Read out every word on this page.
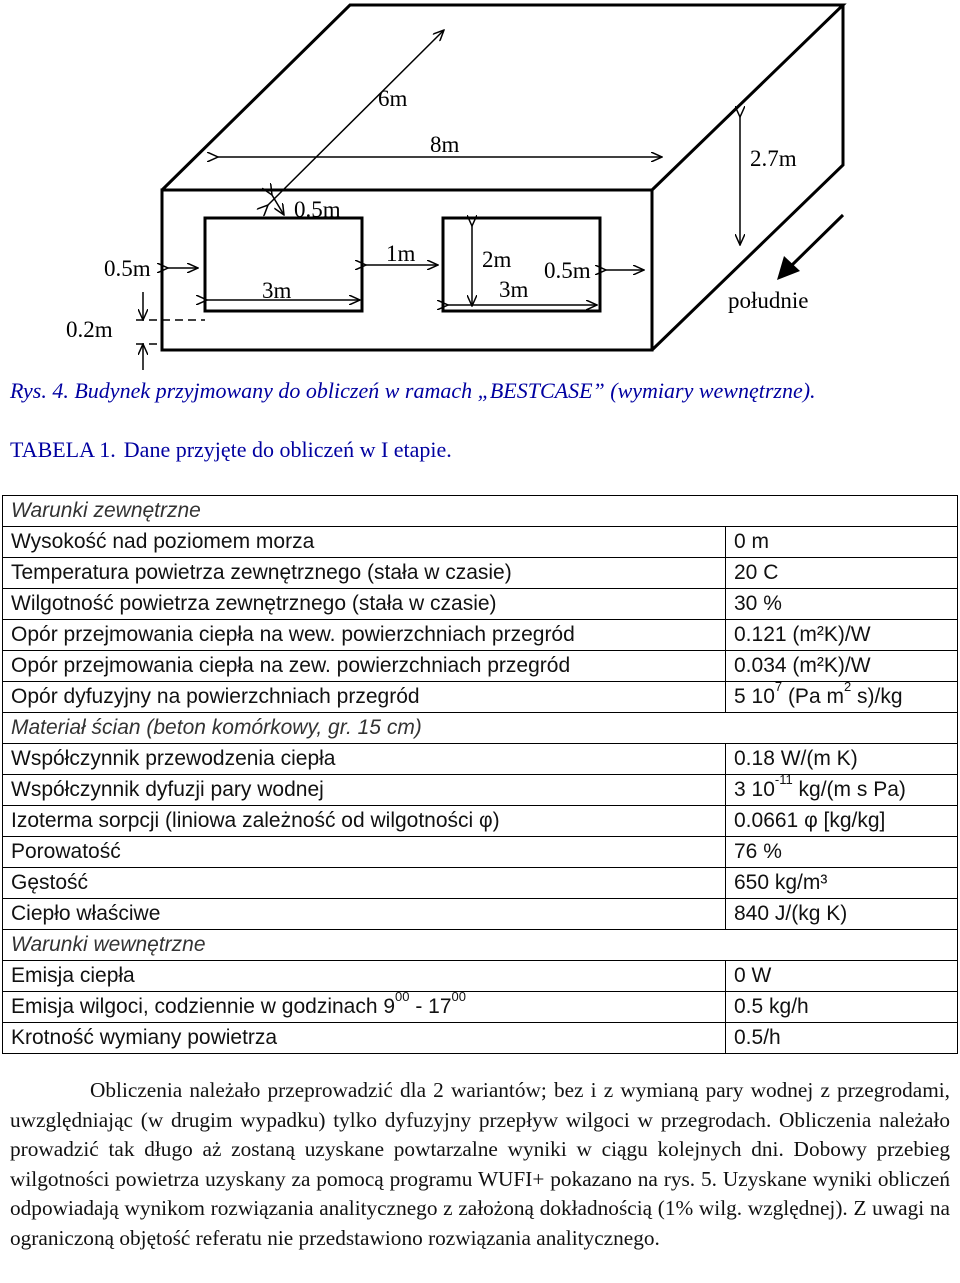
6m
8m
2.7m
0.5m
0.5m
3m
1m	2m
3m
0.5m
0.2m
południe
Rys. 4. Budynek przyjmowany do obliczeń w ramach „BESTCASE” (wymiary wewnętrzne).
TABELA 1. Dane przyjęte do obliczeń w I etapie.
Warunki zewnętrzne	
Wysokość nad poziomem morza	0 m
Temperatura powietrza zewnętrznego (stała w czasie)	20 C
Wilgotność powietrza zewnętrznego (stała w czasie)	30 %
Opór przejmowania ciepła na wew. powierzchniach przegród	0.121 (m²K)/W
Opór przejmowania ciepła na zew. powierzchniach przegród	0.034 (m²K)/W
Opór dyfuzyjny na powierzchniach przegród	5 $10^7$ (Pa $m^2$ s)/kg
Materiał ścian (beton komórkowy, gr. 15 cm)	
Współczynnik przewodzenia ciepła	0.18 W/(m K)
Współczynnik dyfuzji pary wodnej	3 $10^{-11}$ kg/(m s Pa)
Izoterma sorpcji (liniowa zależność od wilgotności φ)	0.0661 φ [kg/kg]
Porowatość	76 %
Gęstość	650 kg/m³
Ciepło właściwe	840 J/(kg K)
Warunki wewnętrzne	
Emisja ciepła	0 W
Emisja wilgoci, codziennie w godzinach $9^{00} - 17^{00}$	0.5 kg/h
Krotność wymiany powietrza	0.5/h
Obliczenia należało przeprowadzić dla 2 wariantów; bez i z wymianą pary wodnej z przegrodami, uwzględniając (w drugim wypadku) tylko dyfuzyjny przepływ wilgoci w przegrodach. Obliczenia należało prowadzić tak długo aż zostaną uzyskane powtarzalne wyniki w ciągu kolejnych dni. Dobowy przebieg wilgotności powietrza uzyskany za pomocą programu WUFI+ pokazano na rys. 5. Uzyskane wyniki obliczeń odpowiadają wynikom rozwiązania analitycznego z założoną dokładnością (1% wilg. względnej). Z uwagi na ograniczoną objętość referatu nie przedstawiono rozwiązania analitycznego.
